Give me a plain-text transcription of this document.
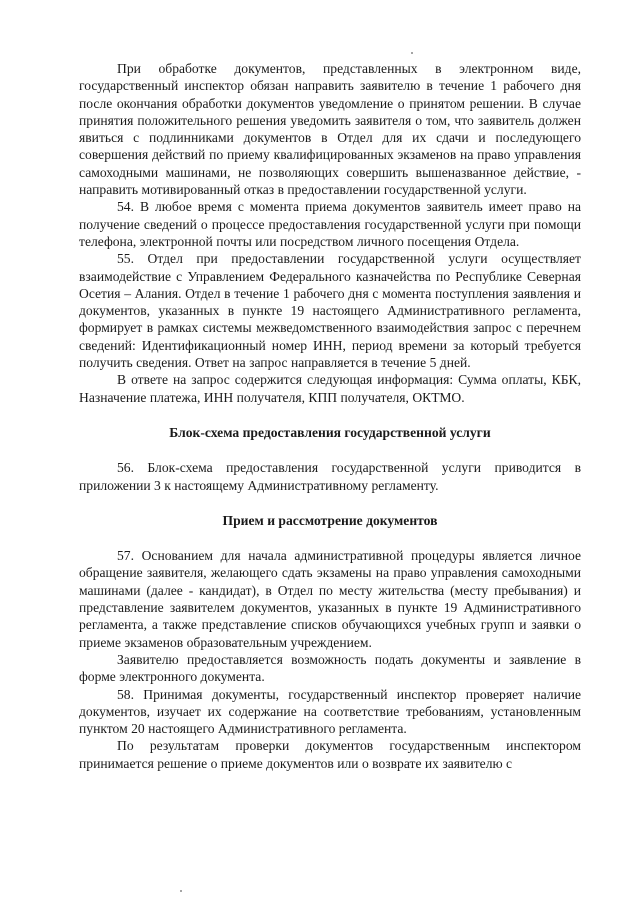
При обработке документов, представленных в электронном виде, государственный инспектор обязан направить заявителю в течение 1 рабочего дня после окончания обработки документов уведомление о принятом решении. В случае принятия положительного решения уведомить заявителя о том, что заявитель должен явиться с подлинниками документов в Отдел для их сдачи и последующего совершения действий по приему квалифицированных экзаменов на право управления самоходными машинами, не позволяющих совершить вышеназванное действие, - направить мотивированный отказ в предоставлении государственной услуги.

54. В любое время с момента приема документов заявитель имеет право на получение сведений о процессе предоставления государственной услуги при помощи телефона, электронной почты или посредством личного посещения Отдела.

55. Отдел при предоставлении государственной услуги осуществляет взаимодействие с Управлением Федерального казначейства по Республике Северная Осетия – Алания. Отдел в течение 1 рабочего дня с момента поступления заявления и документов, указанных в пункте 19 настоящего Административного регламента, формирует в рамках системы межведомственного взаимодействия запрос с перечнем сведений: Идентификационный номер ИНН, период времени за который требуется получить сведения. Ответ на запрос направляется в течение 5 дней.

В ответе на запрос содержится следующая информация: Сумма оплаты, КБК, Назначение платежа, ИНН получателя, КПП получателя, ОКТМО.

Блок-схема предоставления государственной услуги

56. Блок-схема предоставления государственной услуги приводится в приложении 3 к настоящему Административному регламенту.

Прием и рассмотрение документов

57. Основанием для начала административной процедуры является личное обращение заявителя, желающего сдать экзамены на право управления самоходными машинами (далее - кандидат), в Отдел по месту жительства (месту пребывания) и представление заявителем документов, указанных в пункте 19 Административного регламента, а также представление списков обучающихся учебных групп и заявки о приеме экзаменов образовательным учреждением.

Заявителю предоставляется возможность подать документы и заявление в форме электронного документа.

58. Принимая документы, государственный инспектор проверяет наличие документов, изучает их содержание на соответствие требованиям, установленным пунктом 20 настоящего Административного регламента.

По результатам проверки документов государственным инспектором принимается решение о приеме документов или о возврате их заявителю с
